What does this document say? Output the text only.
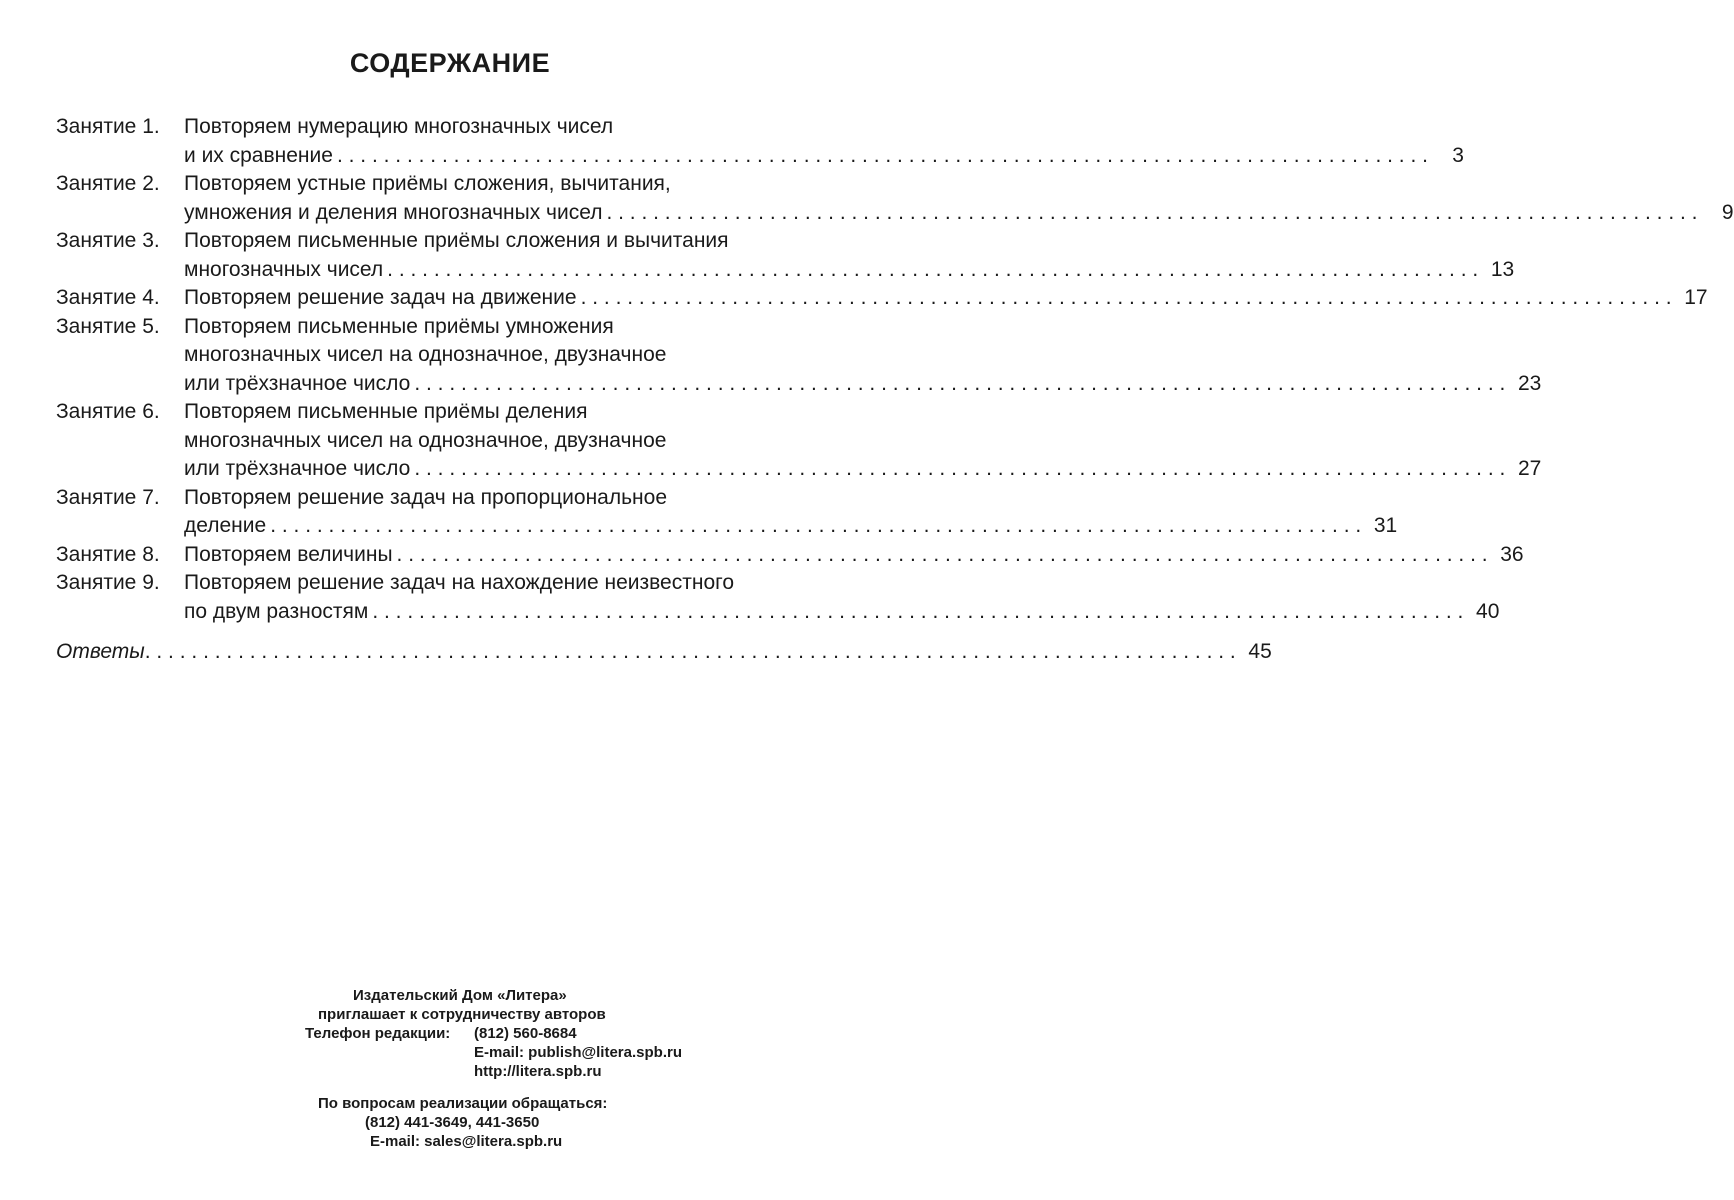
СОДЕРЖАНИЕ
Занятие 1.	Повторяем нумерацию многозначных чисел
и их сравнение . . .	3
Занятие 2.	Повторяем устные приёмы сложения, вычитания,
умножения и деления многозначных чисел . . .	9
Занятие 3.	Повторяем письменные приёмы сложения и вычитания
многозначных чисел . . .	13
Занятие 4.	Повторяем решение задач на движение . . .	17
Занятие 5.	Повторяем письменные приёмы умножения
многозначных чисел на однозначное, двузначное
или трёхзначное число . . .	23
Занятие 6.	Повторяем письменные приёмы деления
многозначных чисел на однозначное, двузначное
или трёхзначное число . . .	27
Занятие 7.	Повторяем решение задач на пропорциональное
деление . . .	31
Занятие 8.	Повторяем величины . . .	36
Занятие 9.	Повторяем решение задач на нахождение неизвестного
по двум разностям . . .	40
Ответы . . .	45
Издательский Дом «Литера»
приглашает к сотрудничеству авторов
Телефон редакции: (812) 560-8684
E-mail: publish@litera.spb.ru
http://litera.spb.ru
По вопросам реализации обращаться:
(812) 441-3649, 441-3650
E-mail: sales@litera.spb.ru
